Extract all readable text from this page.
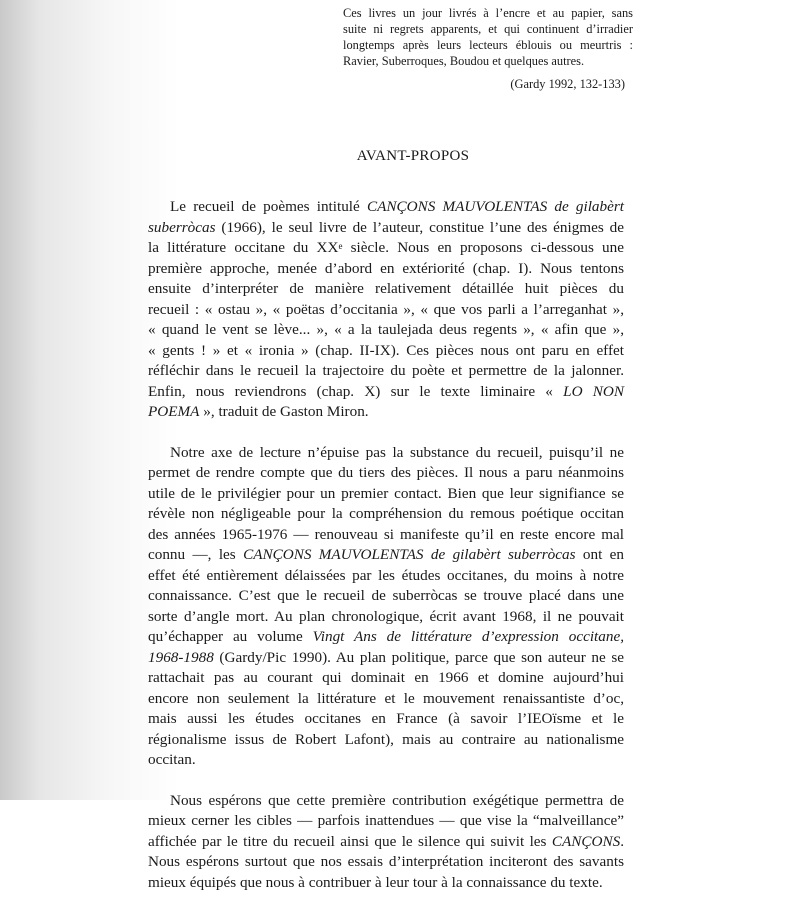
Ces livres un jour livrés à l’encre et au papier, sans
suite ni regrets apparents, et qui continuent d’irradier
longtemps après leurs lecteurs éblouis ou meurtris :
Ravier, Suberroques, Boudou et quelques autres.
(Gardy 1992, 132-133)
AVANT-PROPOS
Le recueil de poèmes intitulé CANÇONS MAUVOLENTAS de gilabèrt
suberròcas (1966), le seul livre de l’auteur, constitue l’une des énigmes de
la littérature occitane du XXe siècle. Nous en proposons ci-dessous une
première approche, menée d’abord en extériorité (chap. I). Nous tentons
ensuite d’interpréter de manière relativement détaillée huit pièces du
recueil : « ostau », « poëtas d’occitania », « que vos parli a l’arreganhat »,
« quand le vent se lève... », « a la taulejada deus regents », « afin que »,
« gents ! » et « ironia » (chap. II-IX). Ces pièces nous ont paru en effet
réfléchir dans le recueil la trajectoire du poète et permettre de la jalonner.
Enfin, nous reviendrons (chap. X) sur le texte liminaire « LO NON
POEMA », traduit de Gaston Miron.
Notre axe de lecture n’épuise pas la substance du recueil, puisqu’il ne
permet de rendre compte que du tiers des pièces. Il nous a paru néanmoins
utile de le privilégier pour un premier contact. Bien que leur signifiance se
révèle non négligeable pour la compréhension du remous poétique occitan
des années 1965-1976 — renouveau si manifeste qu’il en reste encore mal
connu —, les CANÇONS MAUVOLENTAS de gilabèrt suberròcas ont en
effet été entièrement délaissées par les études occitanes, du moins à notre
connaissance. C’est que le recueil de suberròcas se trouve placé dans une
sorte d’angle mort. Au plan chronologique, écrit avant 1968, il ne pouvait
qu’échapper au volume Vingt Ans de littérature d’expression occitane,
1968-1988 (Gardy/Pic 1990). Au plan politique, parce que son auteur ne se
rattachait pas au courant qui dominait en 1966 et domine aujourd’hui
encore non seulement la littérature et le mouvement renaissantiste d’oc,
mais aussi les études occitanes en France (à savoir l’IEOïsme et le
régionalisme issus de Robert Lafont), mais au contraire au nationalisme
occitan.
Nous espérons que cette première contribution exégétique permettra de
mieux cerner les cibles — parfois inattendues — que vise la “malveillance”
affichée par le titre du recueil ainsi que le silence qui suivit les CANÇONS.
Nous espérons surtout que nos essais d’interprétation inciteront des savants
mieux équipés que nous à contribuer à leur tour à la connaissance du texte.
